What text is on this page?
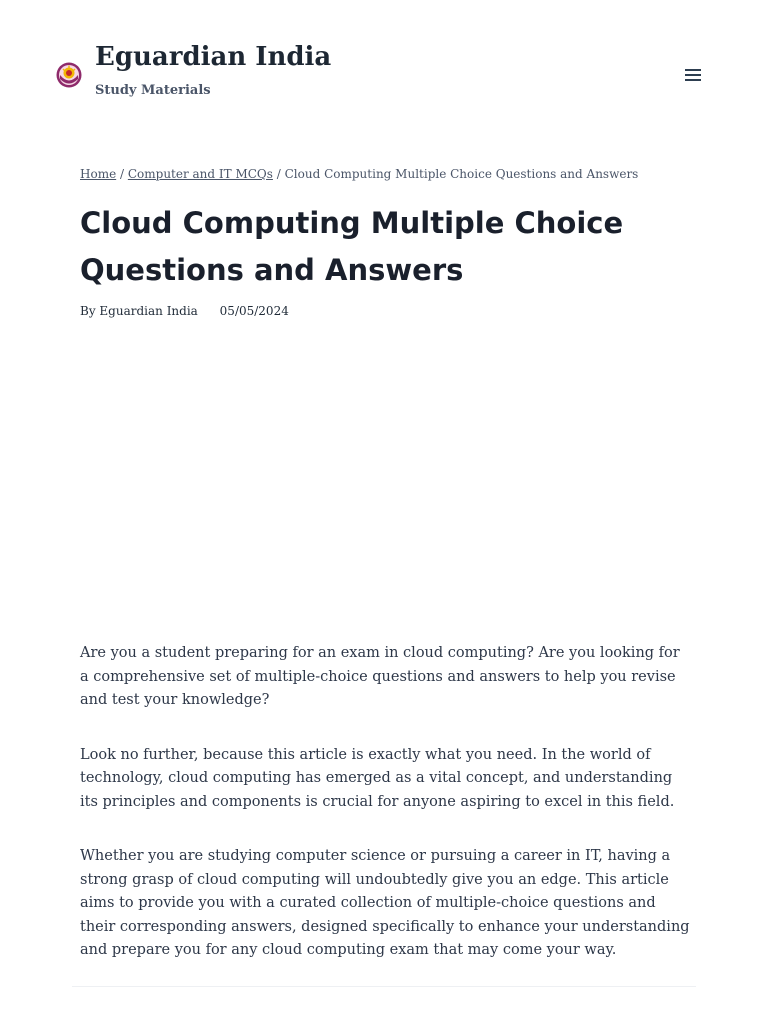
Eguardian India
Study Materials
Home / Computer and IT MCQs / Cloud Computing Multiple Choice Questions and Answers
Cloud Computing Multiple Choice Questions and Answers
By Eguardian India 05/05/2024

Are you a student preparing for an exam in cloud computing? Are you looking for a comprehensive set of multiple-choice questions and answers to help you revise and test your knowledge?

Look no further, because this article is exactly what you need. In the world of technology, cloud computing has emerged as a vital concept, and understanding its principles and components is crucial for anyone aspiring to excel in this field.

Whether you are studying computer science or pursuing a career in IT, having a strong grasp of cloud computing will undoubtedly give you an edge. This article aims to provide you with a curated collection of multiple-choice questions and their corresponding answers, designed specifically to enhance your understanding and prepare you for any cloud computing exam that may come your way.
